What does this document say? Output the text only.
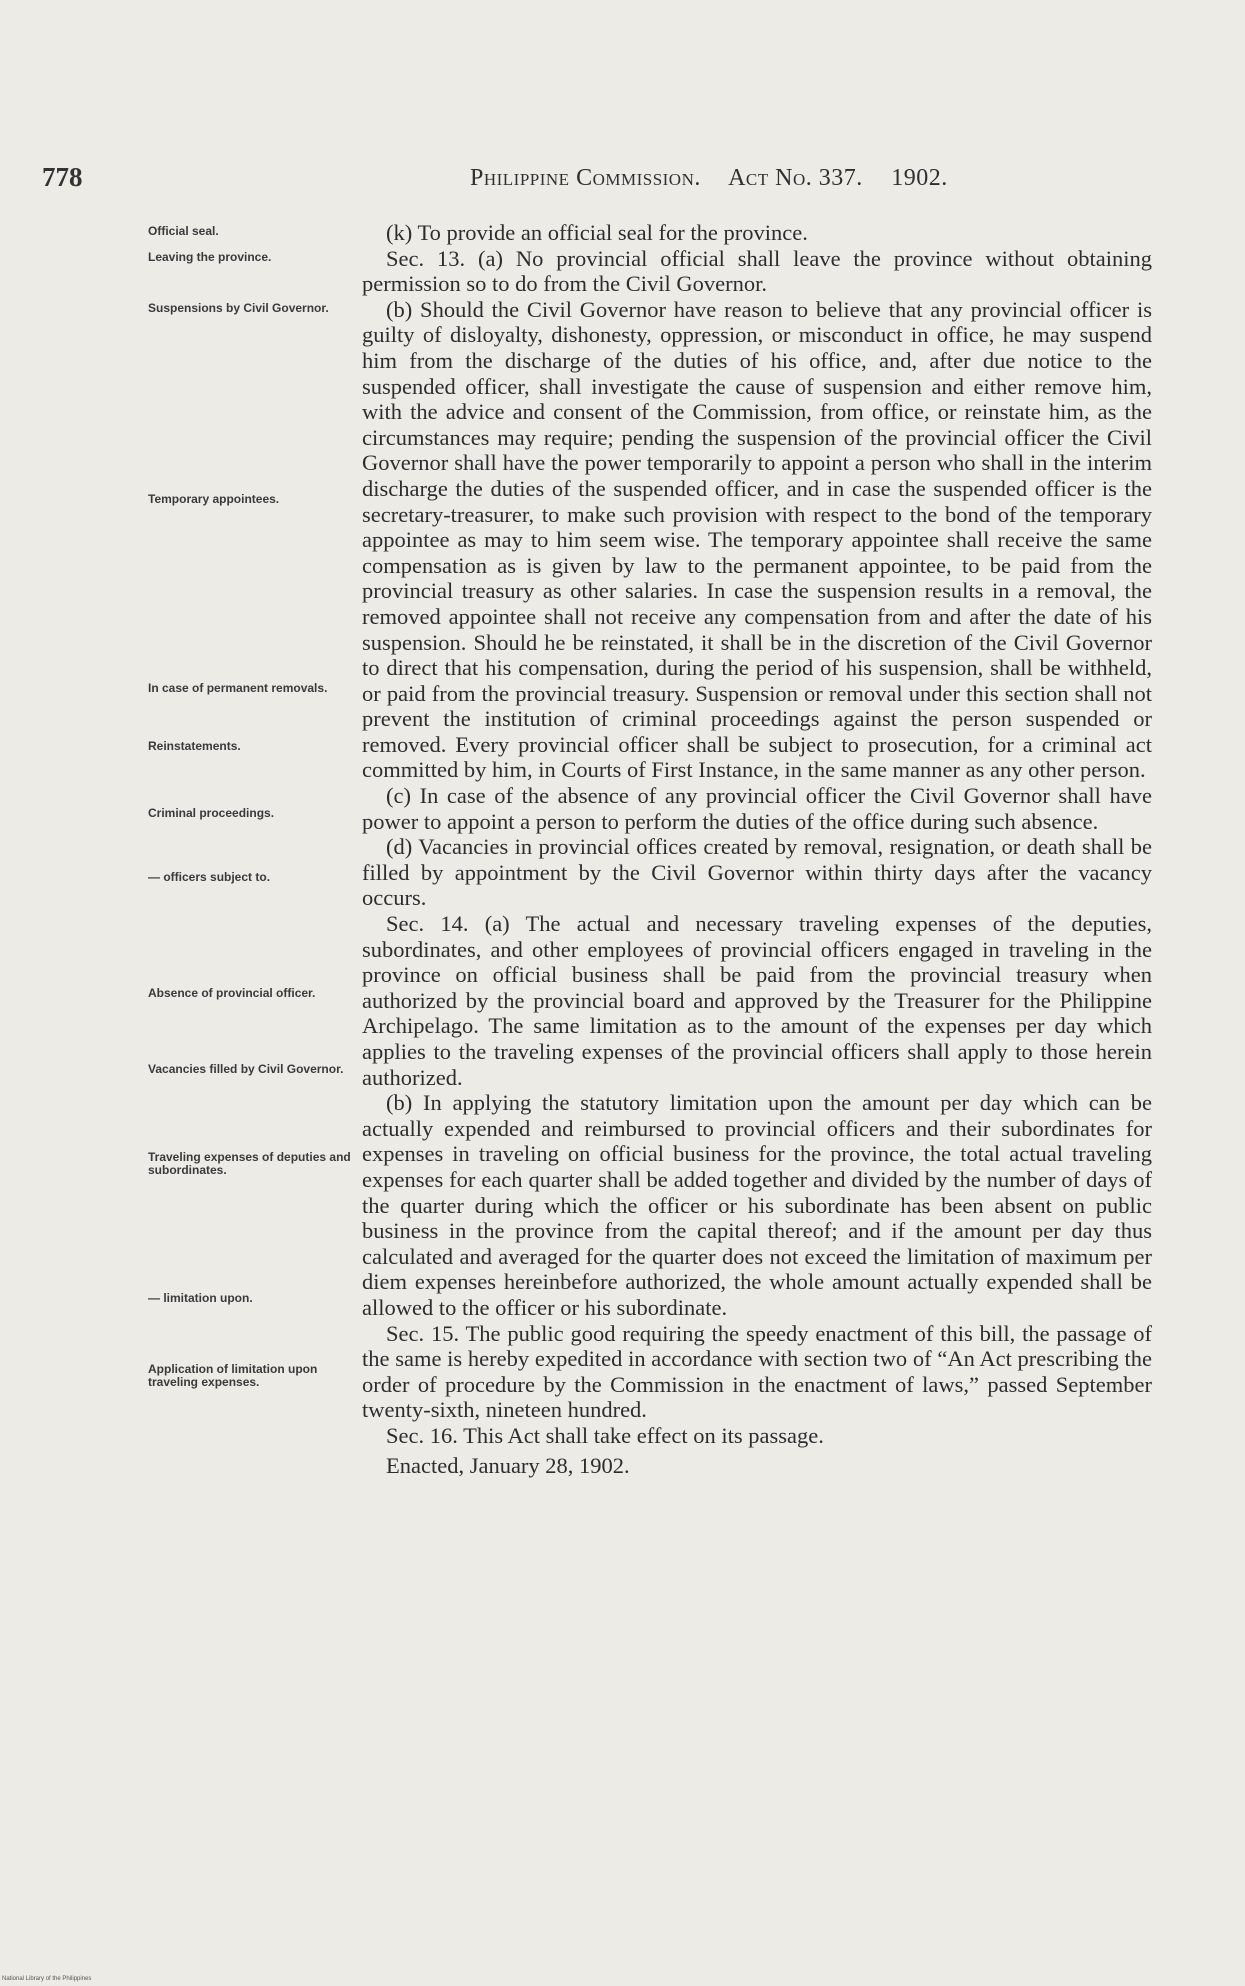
778	Philippine Commission. Act No. 337. 1902.
Official seal.
Leaving the province.
Suspensions by Civil Governor.
Temporary appointees.
In case of permanent removals.
Reinstatements.
Criminal proceedings.
— officers subject to.
Absence of provincial officer.
Vacancies filled by Civil Governor.
Traveling expenses of deputies and subordinates.
— limitation upon.
Application of limitation upon traveling expenses.

(k) To provide an official seal for the province.

Sec. 13. (a) No provincial official shall leave the province without obtaining permission so to do from the Civil Governor.

(b) Should the Civil Governor have reason to believe that any provincial officer is guilty of disloyalty, dishonesty, oppression, or misconduct in office, he may suspend him from the discharge of the duties of his office, and, after due notice to the suspended officer, shall investigate the cause of suspension and either remove him, with the advice and consent of the Commission, from office, or reinstate him, as the circumstances may require; pending the suspension of the provincial officer the Civil Governor shall have the power temporarily to appoint a person who shall in the interim discharge the duties of the suspended officer, and in case the suspended officer is the secretary-treasurer, to make such provision with respect to the bond of the temporary appointee as may to him seem wise. The temporary appointee shall receive the same compensation as is given by law to the permanent appointee, to be paid from the provincial treasury as other salaries. In case the suspension results in a removal, the removed appointee shall not receive any compensation from and after the date of his suspension. Should he be reinstated, it shall be in the discretion of the Civil Governor to direct that his compensation, during the period of his suspension, shall be withheld, or paid from the provincial treasury. Suspension or removal under this section shall not prevent the institution of criminal proceedings against the person suspended or removed. Every provincial officer shall be subject to prosecution, for a criminal act committed by him, in Courts of First Instance, in the same manner as any other person.

(c) In case of the absence of any provincial officer the Civil Governor shall have power to appoint a person to perform the duties of the office during such absence.

(d) Vacancies in provincial offices created by removal, resignation, or death shall be filled by appointment by the Civil Governor within thirty days after the vacancy occurs.

Sec. 14. (a) The actual and necessary traveling expenses of the deputies, subordinates, and other employees of provincial officers engaged in traveling in the province on official business shall be paid from the provincial treasury when authorized by the provincial board and approved by the Treasurer for the Philippine Archipelago. The same limitation as to the amount of the expenses per day which applies to the traveling expenses of the provincial officers shall apply to those herein authorized.

(b) In applying the statutory limitation upon the amount per day which can be actually expended and reimbursed to provincial officers and their subordinates for expenses in traveling on official business for the province, the total actual traveling expenses for each quarter shall be added together and divided by the number of days of the quarter during which the officer or his subordinate has been absent on public business in the province from the capital thereof; and if the amount per day thus calculated and averaged for the quarter does not exceed the limitation of maximum per diem expenses hereinbefore authorized, the whole amount actually expended shall be allowed to the officer or his subordinate.

Sec. 15. The public good requiring the speedy enactment of this bill, the passage of the same is hereby expedited in accordance with section two of “An Act prescribing the order of procedure by the Commission in the enactment of laws,” passed September twenty-sixth, nineteen hundred.

Sec. 16. This Act shall take effect on its passage.

Enacted, January 28, 1902.

National Library of the Philippines
